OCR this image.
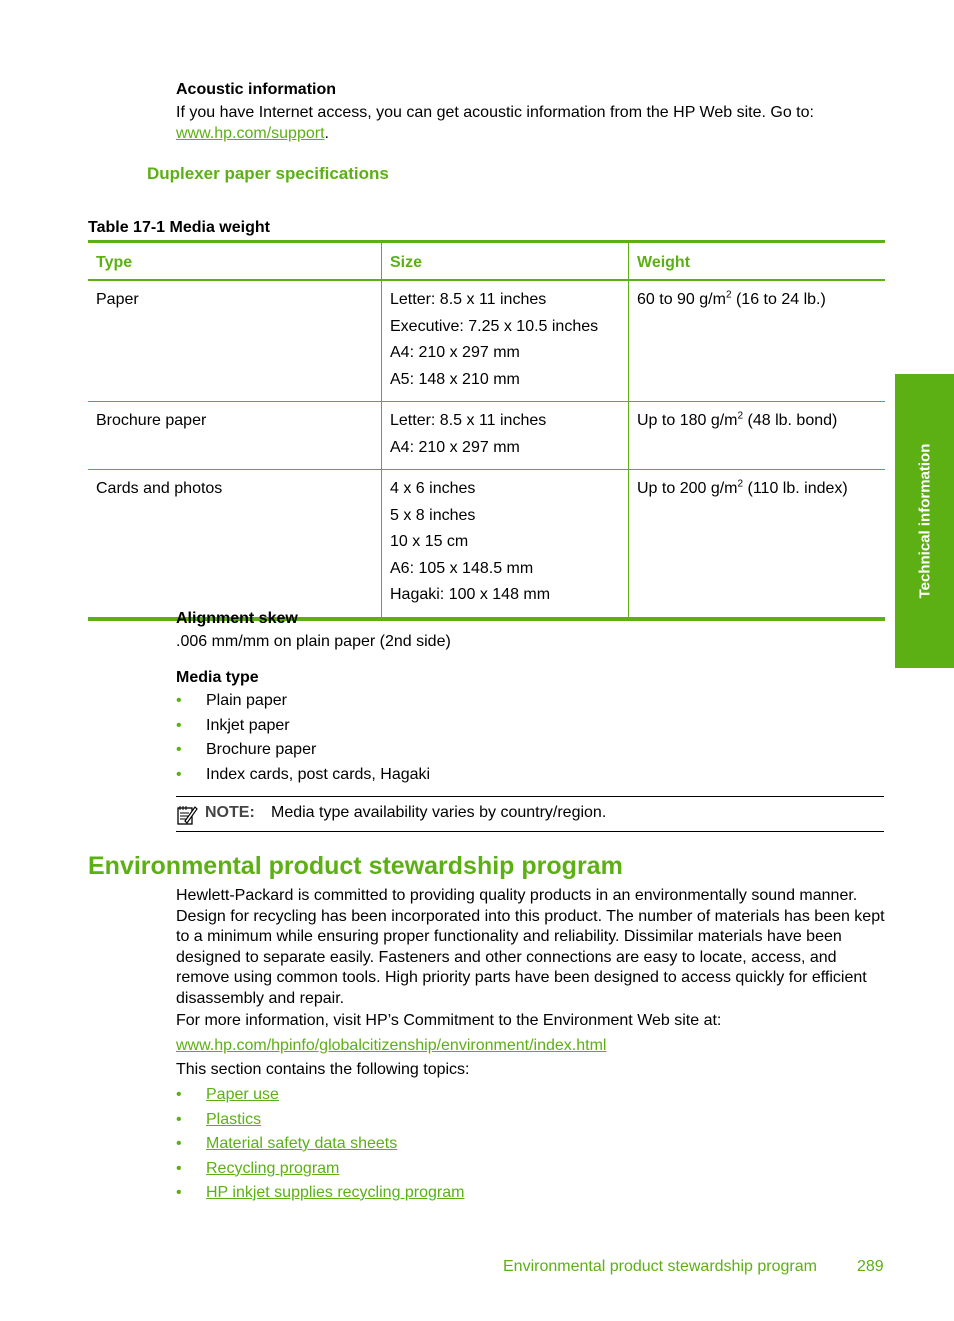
Acoustic information
If you have Internet access, you can get acoustic information from the HP Web site. Go to:
www.hp.com/support.
Duplexer paper specifications
Table 17-1 Media weight
Type	Size	Weight
Paper	Letter: 8.5 x 11 inches
Executive: 7.25 x 10.5 inches
A4: 210 x 297 mm
A5: 148 x 210 mm	60 to 90 $g/m^2$ (16 to 24 lb.)
Brochure paper	Letter: 8.5 x 11 inches
A4: 210 x 297 mm	Up to 180 $g/m^2$ (48 lb. bond)
Cards and photos	4 x 6 inches
5 x 8 inches
10 x 15 cm
A6: 105 x 148.5 mm
Hagaki: 100 x 148 mm	Up to 200 $g/m^2$ (110 lb. index)	Technical information
Alignment skew
.006 mm/mm on plain paper (2nd side)
Media type
• Plain paper
• Inkjet paper
• Brochure paper
• Index cards, post cards, Hagaki
NOTE: Media type availability varies by country/region.
Environmental product stewardship program
Hewlett-Packard is committed to providing quality products in an environmentally sound manner.
Design for recycling has been incorporated into this product. The number of materials has been kept
to a minimum while ensuring proper functionality and reliability. Dissimilar materials have been
designed to separate easily. Fasteners and other connections are easy to locate, access, and
remove using common tools. High priority parts have been designed to access quickly for efficient
disassembly and repair.
For more information, visit HP’s Commitment to the Environment Web site at:
www.hp.com/hpinfo/globalcitizenship/environment/index.html
This section contains the following topics:
• Paper use
• Plastics
• Material safety data sheets
• Recycling program
• HP inkjet supplies recycling program
Environmental product stewardship program	289
